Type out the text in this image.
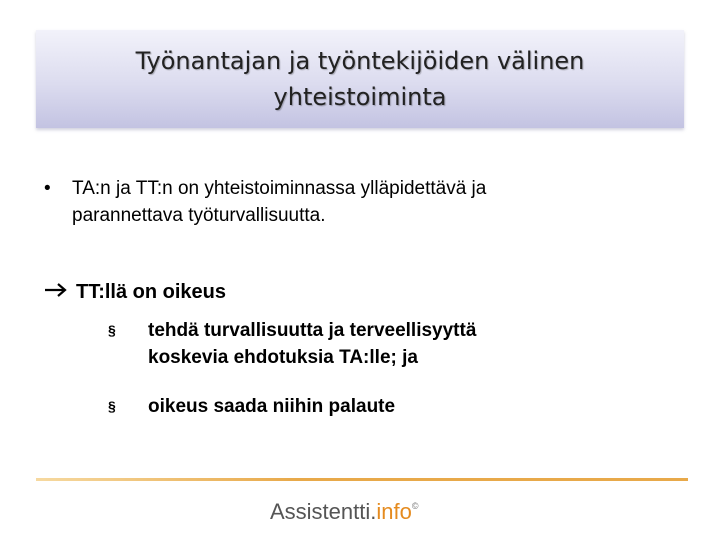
Työnantajan ja työntekijöiden välinen
yhteistoiminta
•	TA:n ja TT:n on yhteistoiminnassa ylläpidettävä ja
parannettava työturvallisuutta.
TT:llä on oikeus
§	tehdä turvallisuutta ja terveellisyyttä
koskevia ehdotuksia TA:lle; ja
§	oikeus saada niihin palaute
Assistentti.info©
